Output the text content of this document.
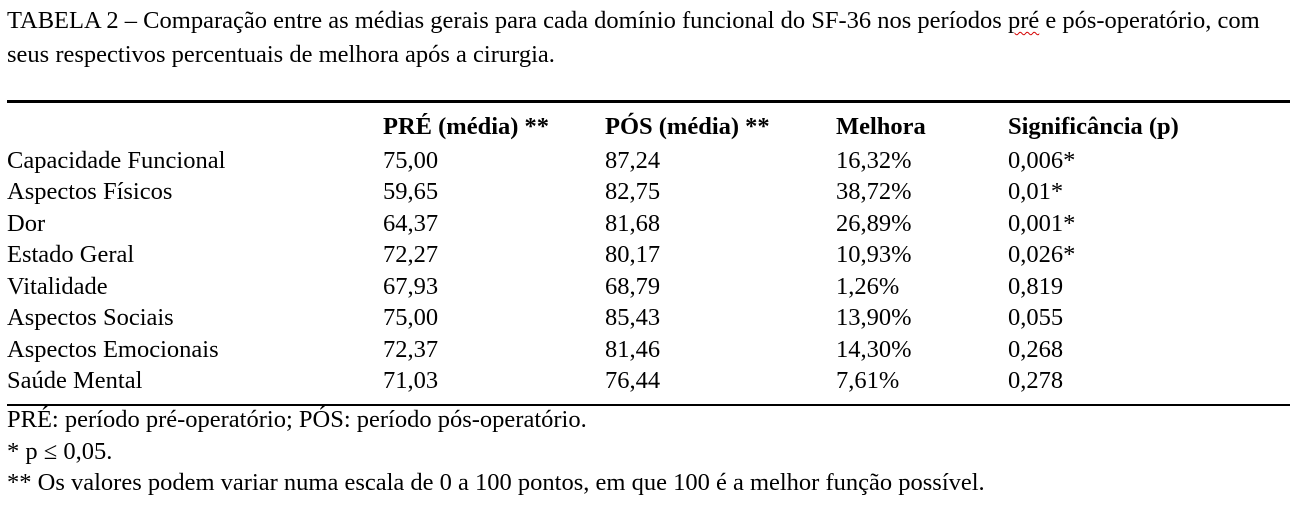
TABELA 2 – Comparação entre as médias gerais para cada domínio funcional do SF-36 nos períodos pré e pós-operatório, com seus respectivos percentuais de melhora após a cirurgia.
	PRÉ (média) **	PÓS (média) **	Melhora	Significância (p)
Capacidade Funcional	75,00	87,24	16,32%	0,006*
Aspectos Físicos	59,65	82,75	38,72%	0,01*
Dor	64,37	81,68	26,89%	0,001*
Estado Geral	72,27	80,17	10,93%	0,026*
Vitalidade	67,93	68,79	1,26%	0,819
Aspectos Sociais	75,00	85,43	13,90%	0,055
Aspectos Emocionais	72,37	81,46	14,30%	0,268
Saúde Mental	71,03	76,44	7,61%	0,278
PRÉ: período pré-operatório; PÓS: período pós-operatório.
* p ≤ 0,05.
** Os valores podem variar numa escala de 0 a 100 pontos, em que 100 é a melhor função possível.
